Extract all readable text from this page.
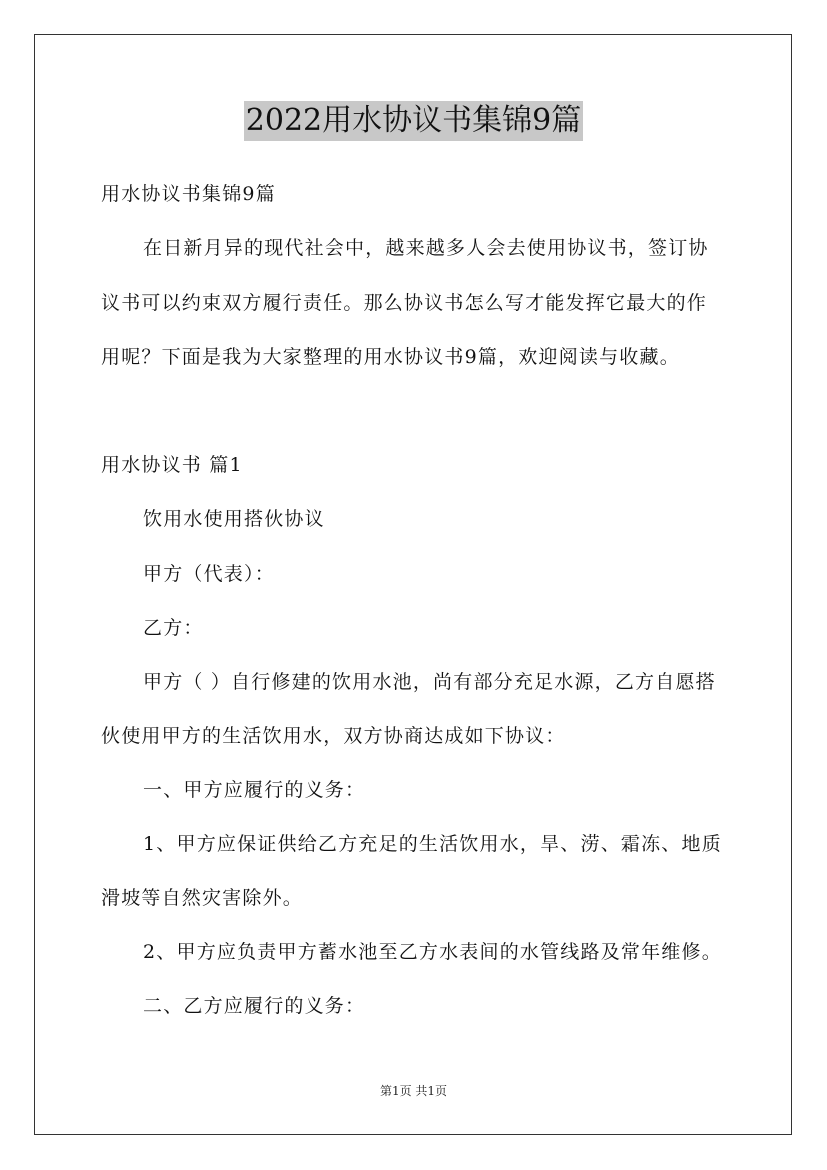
2022用水协议书集锦9篇
用水协议书集锦9篇
在日新月异的现代社会中，越来越多人会去使用协议书，签订协
议书可以约束双方履行责任。那么协议书怎么写才能发挥它最大的作
用呢？下面是我为大家整理的用水协议书9篇，欢迎阅读与收藏。
用水协议书 篇1
饮用水使用搭伙协议
甲方（代表）：
乙方：
甲方（ ）自行修建的饮用水池，尚有部分充足水源，乙方自愿搭
伙使用甲方的生活饮用水，双方协商达成如下协议：
一、甲方应履行的义务：
1、甲方应保证供给乙方充足的生活饮用水，旱、涝、霜冻、地质
滑坡等自然灾害除外。
2、甲方应负责甲方蓄水池至乙方水表间的水管线路及常年维修。
二、乙方应履行的义务：
第1页 共1页
